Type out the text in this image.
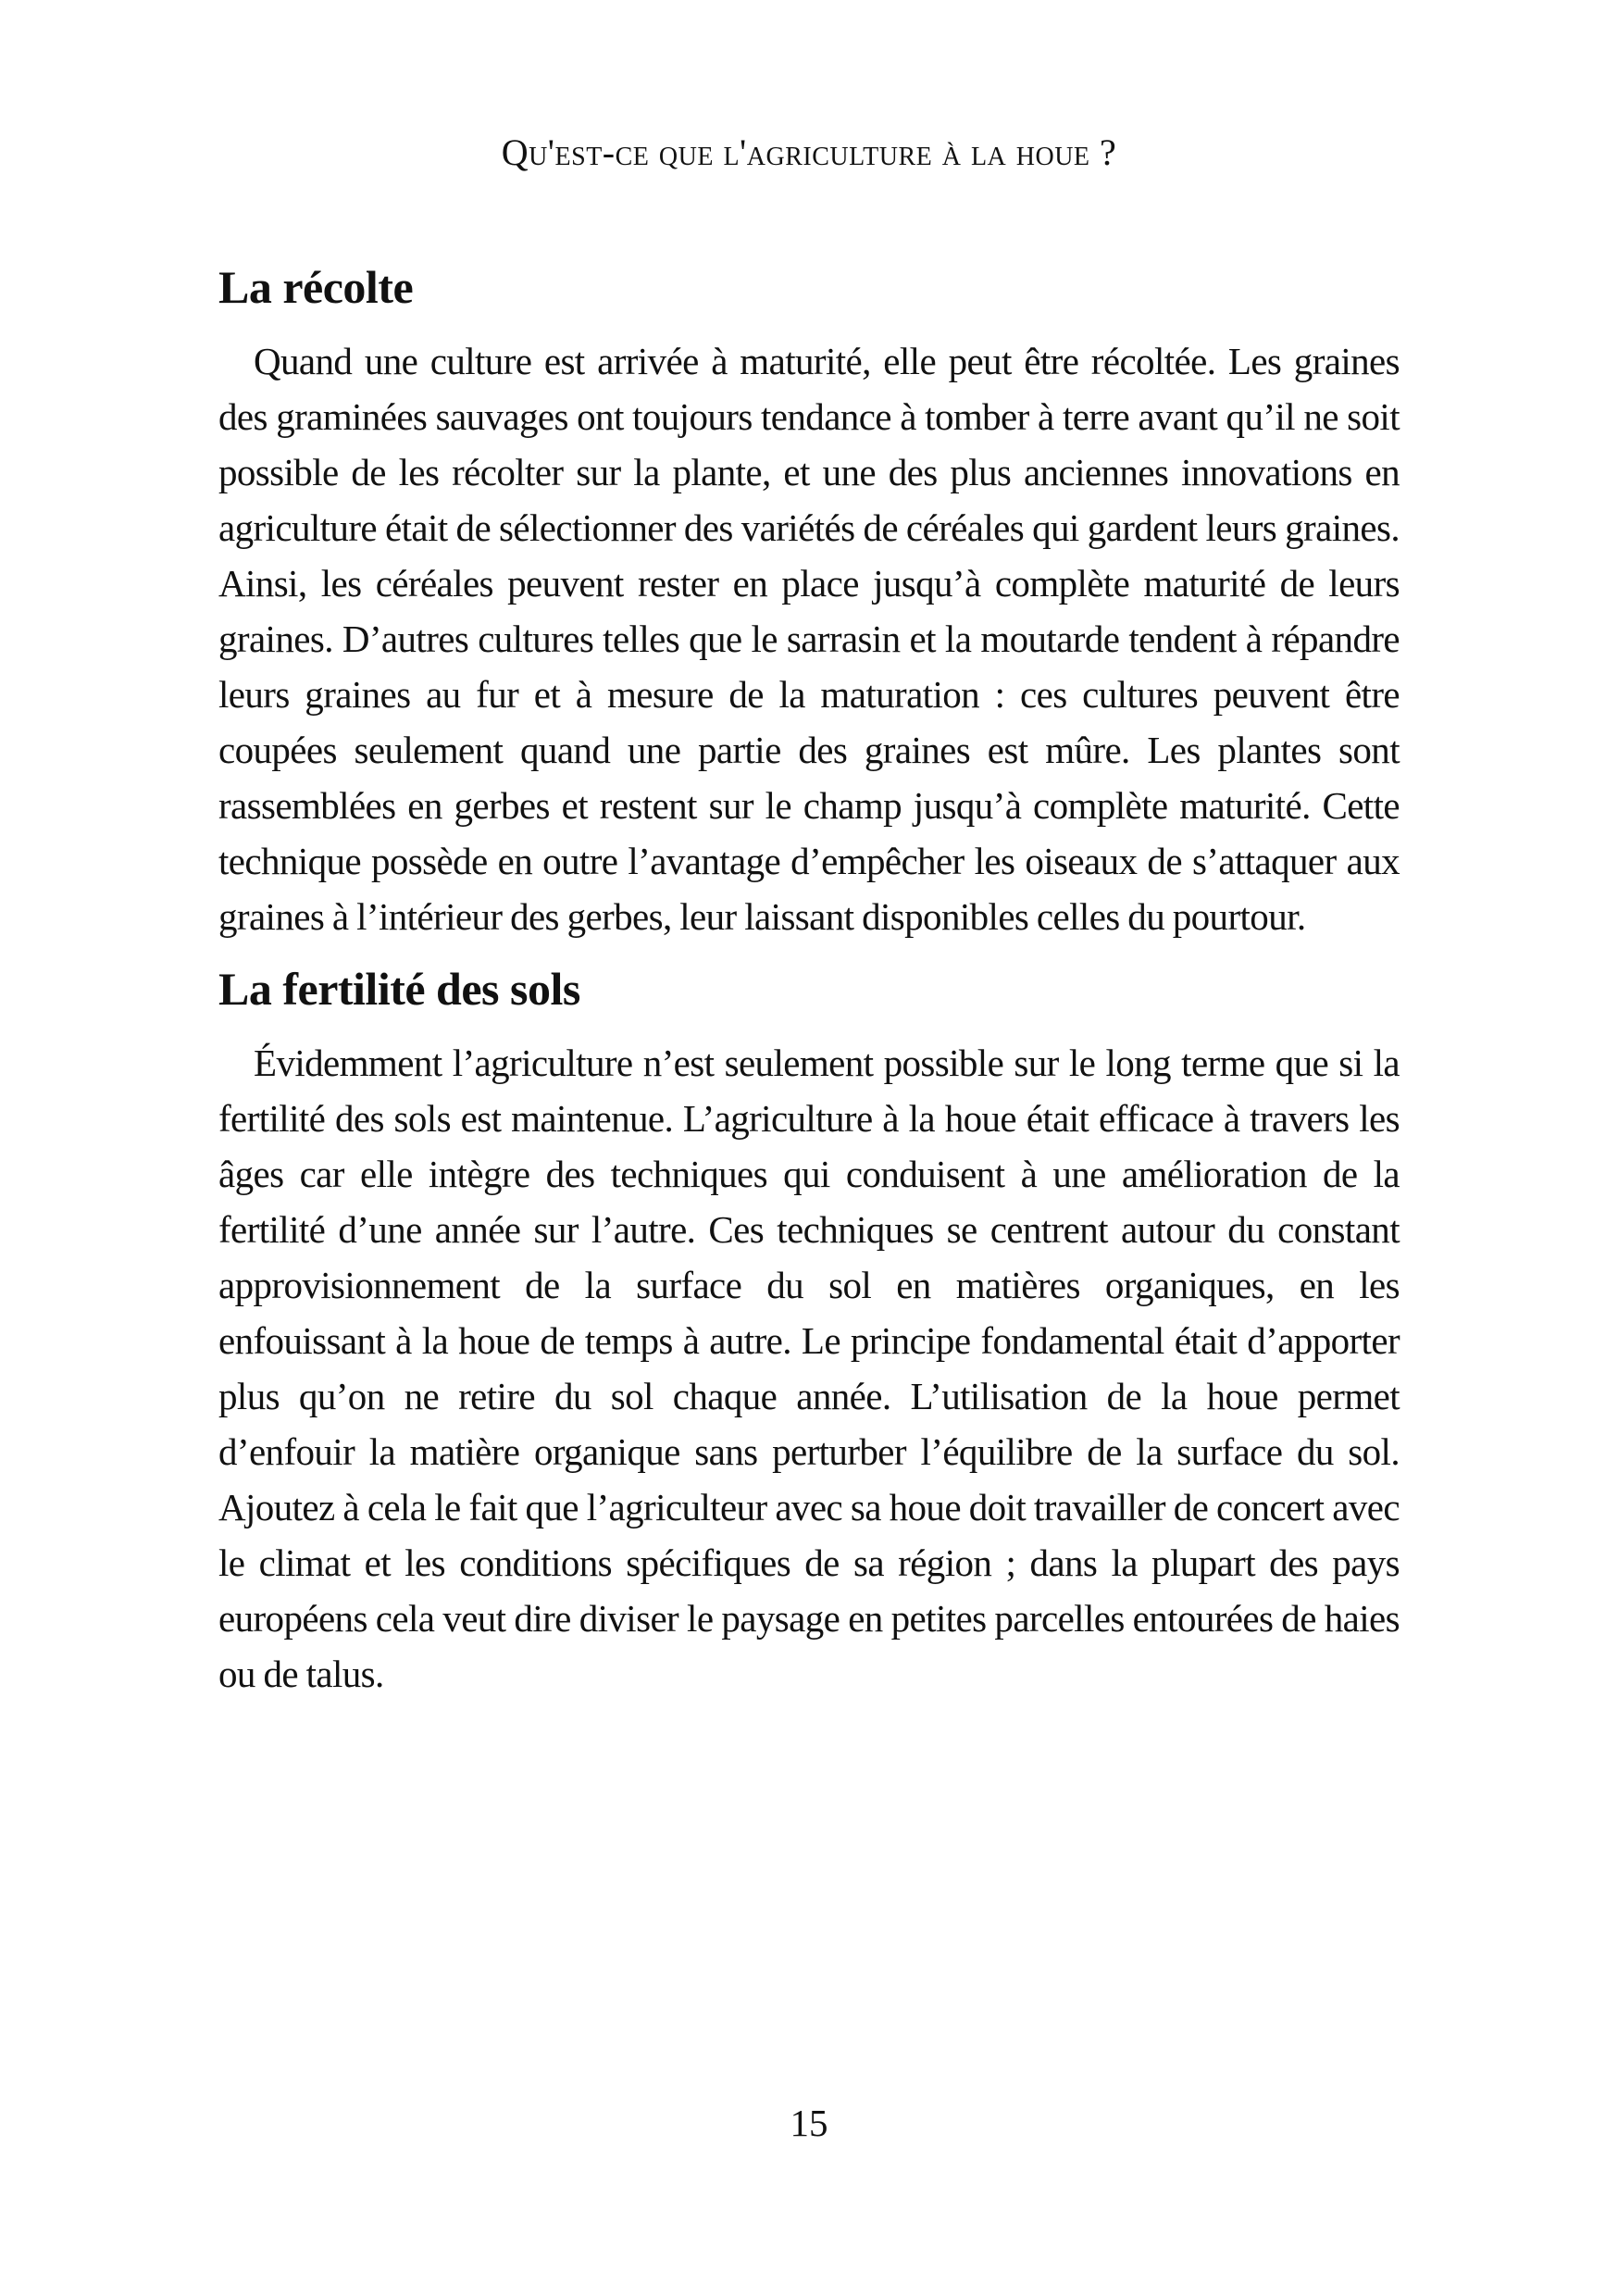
Qu'est-ce que l'agriculture à la houe ?
La récolte

Quand une culture est arrivée à maturité, elle peut être récoltée. Les graines des graminées sauvages ont toujours tendance à tomber à terre avant qu’il ne soit possible de les récolter sur la plante, et une des plus anciennes innovations en agriculture était de sélectionner des variétés de céréales qui gardent leurs graines. Ainsi, les céréales peuvent rester en place jusqu’à complète maturité de leurs graines. D’autres cultures telles que le sarrasin et la moutarde tendent à répandre leurs graines au fur et à mesure de la maturation : ces cultures peuvent être coupées seulement quand une partie des graines est mûre. Les plantes sont rassemblées en gerbes et restent sur le champ jusqu’à complète maturité. Cette technique possède en outre l’avantage d’empêcher les oiseaux de s’attaquer aux graines à l’intérieur des gerbes, leur laissant disponibles celles du pourtour.

La fertilité des sols

Évidemment l’agriculture n’est seulement possible sur le long terme que si la fertilité des sols est maintenue. L’agriculture à la houe était efficace à travers les âges car elle intègre des techniques qui conduisent à une amélioration de la fertilité d’une année sur l’autre. Ces techniques se centrent autour du constant approvisionnement de la surface du sol en matières organiques, en les enfouissant à la houe de temps à autre. Le principe fondamental était d’apporter plus qu’on ne retire du sol chaque année. L’utilisation de la houe permet d’enfouir la matière organique sans perturber l’équilibre de la surface du sol. Ajoutez à cela le fait que l’agriculteur avec sa houe doit travailler de concert avec le climat et les conditions spécifiques de sa région ; dans la plupart des pays européens cela veut dire diviser le paysage en petites parcelles entourées de haies ou de talus.

15
